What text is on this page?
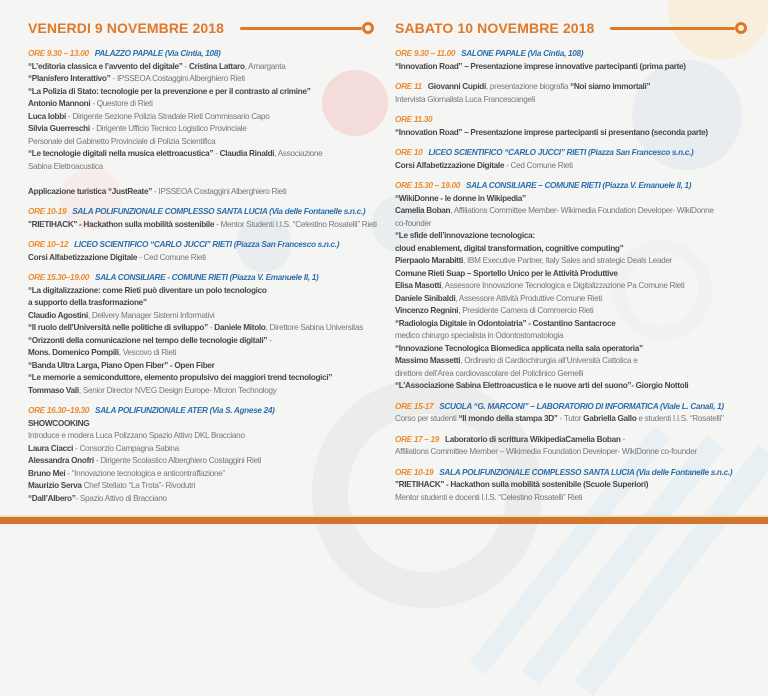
VENERDI 9 NOVEMBRE 2018

ORE 9.30 – 13.00 PALAZZO PAPALE (Via Cintia, 108)

“L’editoria classica e l’avvento del digitale” - Cristina Lattaro, Amarganta

“Planisfero Interattivo” - IPSSEOA Costaggini Alberghiero Rieti

“La Polizia di Stato: tecnologie per la prevenzione e per il contrasto al crimine”

Antonio Mannoni - Questore di Rieti

Luca Iobbi - Dirigente Sezione Polizia Stradale Rieti Commissario Capo

Silvia Guerreschi - Dirigente Ufficio Tecnico Logistico Provinciale

Personale del Gabinetto Provinciale di Polizia Scientifica

“Le tecnologie digitali nella musica elettroacustica” - Claudia Rinaldi, Associazione

Sabina Elettroacustica

Applicazione turistica “JustReate” - IPSSEOA Costaggini Alberghiero Rieti

ORE 10-19 SALA POLIFUNZIONALE COMPLESSO SANTA LUCIA (Via delle Fontanelle s.n.c.)

"RIETIHACK" - Hackathon sulla mobilità sostenibile - Mentor Studenti I.I.S. “Celestino Rosatelli” Rieti

ORE 10–12 LICEO SCIENTIFICO “CARLO JUCCI” RIETI (Piazza San Francesco s.n.c.)

Corsi Alfabetizzazione Digitale - Ced Comune Rieti

ORE 15.30–19.00 SALA CONSILIARE - COMUNE RIETI (Piazza V. Emanuele II, 1)

“La digitalizzazione: come Rieti può diventare un polo tecnologico

a supporto della trasformazione”

Claudio Agostini, Delivery Manager Sistemi Informativi

“Il ruolo dell’Università nelle politiche di sviluppo” - Daniele Mitolo, Direttore Sabina Universitas

“Orizzonti della comunicazione nel tempo delle tecnologie digitali” -

Mons. Domenico Pompili, Vescovo di Rieti

“Banda Ultra Larga, Piano Open Fiber” - Open Fiber

“Le memorie a semiconduttore, elemento propulsivo dei maggiori trend tecnologici”

Tommaso Vali, Senior Director NVEG Design Europe- Micron Technology

ORE 16.30–19.30 SALA POLIFUNZIONALE ATER (Via S. Agnese 24)

SHOWCOOKING

Introduce e modera Luca Polizzano Spazio Attivo DKL Bracciano

Laura Ciacci - Consorzio Campagna Sabina

Alessandra Onofri - Dirigente Scolastico Alberghiero Costaggini Rieti

Bruno Mei - “Innovazione tecnologica e anticontraffazione”

Maurizio Serva Chef Stellato “La Trota”- Rivodutri

“Dall’Albero”- Spazio Attivo di Bracciano

SABATO 10 NOVEMBRE 2018

ORE 9.30 – 11.00 SALONE PAPALE (Via Cintia, 108)

“Innovation Road” – Presentazione imprese innovative partecipanti (prima parte)

ORE 11 Giovanni Cupidi, presentazione biografia “Noi siamo immortali”

Intervista Giornalista Luca Francescangeli

ORE 11.30

“Innovation Road” – Presentazione imprese partecipanti si presentano (seconda parte)

ORE 10 LICEO SCIENTIFICO “CARLO JUCCI” RIETI (Piazza San Francesco s.n.c.)

Corsi Alfabetizzazione Digitale - Ced Comune Rieti

ORE 15.30 – 19.00 SALA CONSILIARE – COMUNE RIETI (Piazza V. Emanuele II, 1)

“WikiDonne - le donne in Wikipedia”

Camelia Boban, Affiliations Committee Member- Wikimedia Foundation Developer- WikiDonne

co-founder

“Le sfide dell’innovazione tecnologica:

cloud enablement, digital transformation, cognitive computing”

Pierpaolo Marabitti, IBM Executive Partner, Italy Sales and strategic Deals Leader

Comune Rieti Suap – Sportello Unico per le Attività Produttive

Elisa Masotti, Assessore Innovazione Tecnologica e Digitalizzazione Pa Comune Rieti

Daniele Sinibaldi, Assessore Attività Produttive Comune Rieti

Vincenzo Regnini, Presidente Camera di Commercio Rieti

“Radiologia Digitale in Odontoiatria” - Costantino Santacroce

medico chirurgo specialista in Odontostomatologia

“Innovazione Tecnologica Biomedica applicata nella sala operatoria”

Massimo Massetti, Ordinario di Cardiochirurgia all’Università Cattolica e

direttore dell’Area cardiovascolare del Policlinico Gemelli

“L’Associazione Sabina Elettroacustica e le nuove arti del suono”- Giorgio Nottoli

ORE 15-17 SCUOLA “G. MARCONI” – LABORATORIO DI INFORMATICA (Viale L. Canali, 1)

Corso per studenti “Il mondo della stampa 3D” - Tutor Gabriella Gallo e studenti I.I.S. “Rosatelli”

ORE 17 – 19 Laboratorio di scrittura WikipediaCamelia Boban -

Affiliations Committee Member – Wikimedia Foundation Developer- WikiDonne co-founder

ORE 10-19 SALA POLIFUNZIONALE COMPLESSO SANTA LUCIA (Via delle Fontanelle s.n.c.)

"RIETIHACK" - Hackathon sulla mobilità sostenibile (Scuole Superiori)

Mentor studenti e docenti I.I.S. “Celestino Rosatelli” Rieti
